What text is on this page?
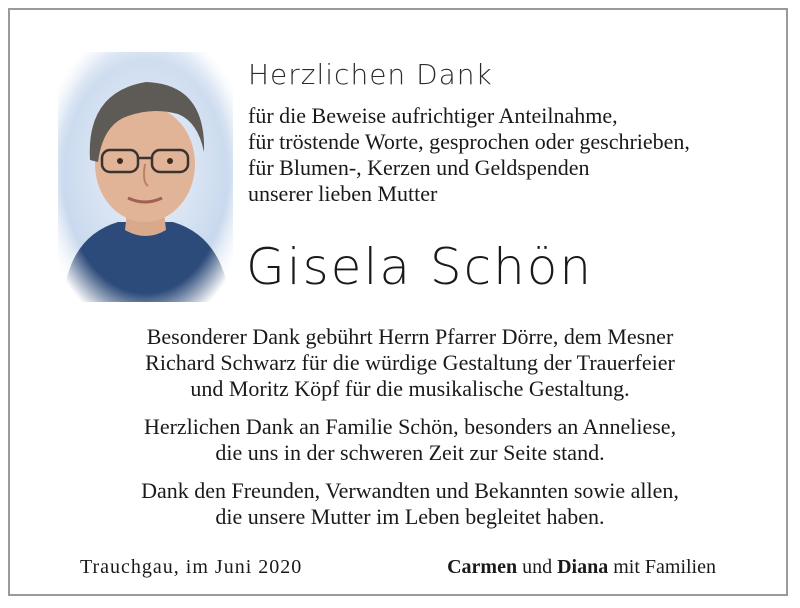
Herzlichen Dank
für die Beweise aufrichtiger Anteilnahme,
für tröstende Worte, gesprochen oder geschrieben,
für Blumen-, Kerzen und Geldspenden
unserer lieben Mutter
Gisela Schön
Besonderer Dank gebührt Herrn Pfarrer Dörre, dem Mesner
Richard Schwarz für die würdige Gestaltung der Trauerfeier
und Moritz Köpf für die musikalische Gestaltung.
Herzlichen Dank an Familie Schön, besonders an Anneliese,
die uns in der schweren Zeit zur Seite stand.
Dank den Freunden, Verwandten und Bekannten sowie allen,
die unsere Mutter im Leben begleitet haben.
Trauchgau, im Juni 2020	Carmen und Diana mit Familien
